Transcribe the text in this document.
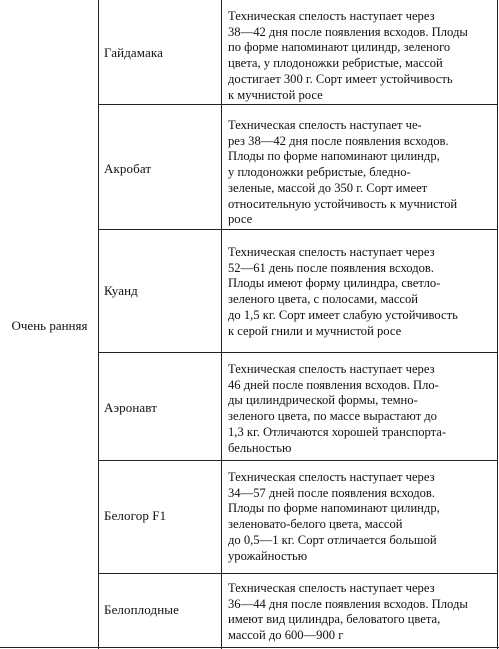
Очень ранняя
Гайдамака
Техническая спелость наступает через
38—42 дня после появления всходов. Плоды
по форме напоминают цилиндр, зеленого
цвета, у плодоножки ребристые, массой
достигает 300 г. Сорт имеет устойчивость
к мучнистой росе
Акробат
Техническая спелость наступает че-
рез 38—42 дня после появления всходов.
Плоды по форме напоминают цилиндр,
у плодоножки ребристые, бледно-
зеленые, массой до 350 г. Сорт имеет
относительную устойчивость к мучнистой
росе
Куанд
Техническая спелость наступает через
52—61 день после появления всходов.
Плоды имеют форму цилиндра, светло-
зеленого цвета, с полосами, массой
до 1,5 кг. Сорт имеет слабую устойчивость
к серой гнили и мучнистой росе
Аэронавт
Техническая спелость наступает через
46 дней после появления всходов. Пло-
ды цилиндрической формы, темно-
зеленого цвета, по массе вырастают до
1,3 кг. Отличаются хорошей транспорта-
бельностью
Белогор F1
Техническая спелость наступает через
34—57 дней после появления всходов.
Плоды по форме напоминают цилиндр,
зеленовато-белого цвета, массой
до 0,5—1 кг. Сорт отличается большой
урожайностью
Белоплодные
Техническая спелость наступает через
36—44 дня после появления всходов. Плоды
имеют вид цилиндра, беловатого цвета,
массой до 600—900 г
